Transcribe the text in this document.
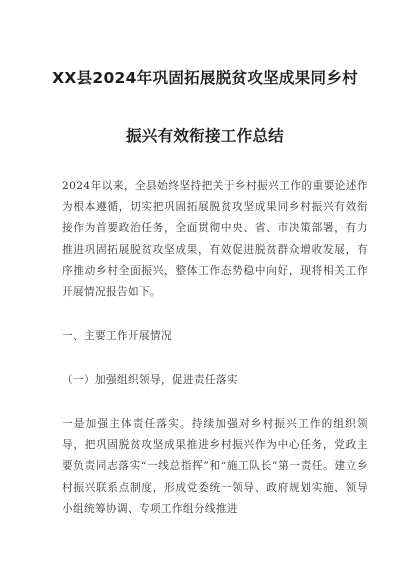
XX县2024年巩固拓展脱贫攻坚成果同乡村
振兴有效衔接工作总结
2024年以来，全县始终坚持把关于乡村振兴工作的重要论述作为根本遵循，切实把巩固拓展脱贫攻坚成果同乡村振兴有效衔接作为首要政治任务，全面贯彻中央、省、市决策部署，有力推进巩固拓展脱贫攻坚成果，有效促进脱贫群众增收发展，有序推动乡村全面振兴，整体工作态势稳中向好，现将相关工作开展情况报告如下。
一、主要工作开展情况
（一）加强组织领导，促进责任落实
一是加强主体责任落实。持续加强对乡村振兴工作的组织领导，把巩固脱贫攻坚成果推进乡村振兴作为中心任务，党政主要负责同志落实“一线总指挥”和“施工队长”第一责任。建立乡村振兴联系点制度，形成党委统一领导、政府规划实施、领导小组统筹协调、专项工作组分线推进
